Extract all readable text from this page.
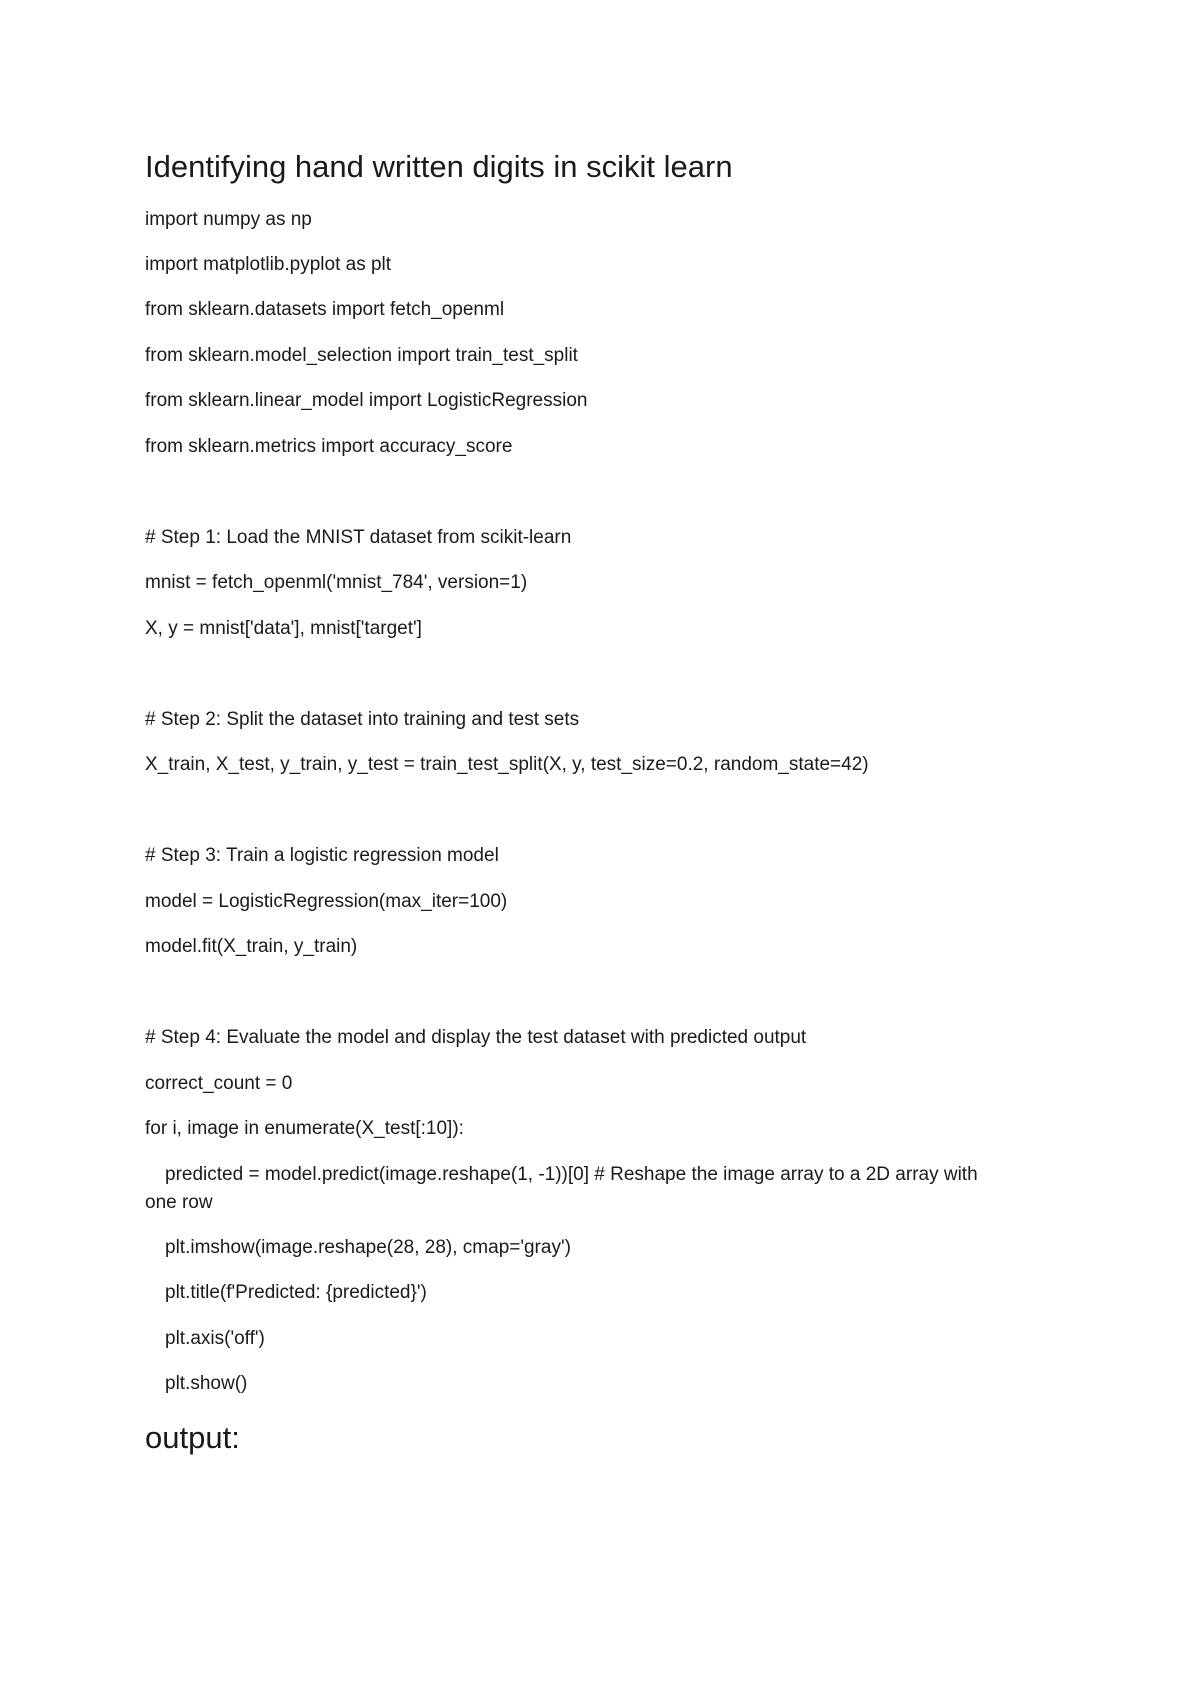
Identifying hand written digits in scikit learn
import numpy as np
import matplotlib.pyplot as plt
from sklearn.datasets import fetch_openml
from sklearn.model_selection import train_test_split
from sklearn.linear_model import LogisticRegression
from sklearn.metrics import accuracy_score
# Step 1: Load the MNIST dataset from scikit-learn
mnist = fetch_openml('mnist_784', version=1)
X, y = mnist['data'], mnist['target']
# Step 2: Split the dataset into training and test sets
X_train, X_test, y_train, y_test = train_test_split(X, y, test_size=0.2, random_state=42)
# Step 3: Train a logistic regression model
model = LogisticRegression(max_iter=100)
model.fit(X_train, y_train)
# Step 4: Evaluate the model and display the test dataset with predicted output
correct_count = 0
for i, image in enumerate(X_test[:10]):
predicted = model.predict(image.reshape(1, -1))[0] # Reshape the image array to a 2D array with
one row
plt.imshow(image.reshape(28, 28), cmap='gray')
plt.title(f'Predicted: {predicted}')
plt.axis('off')
plt.show()
output:
